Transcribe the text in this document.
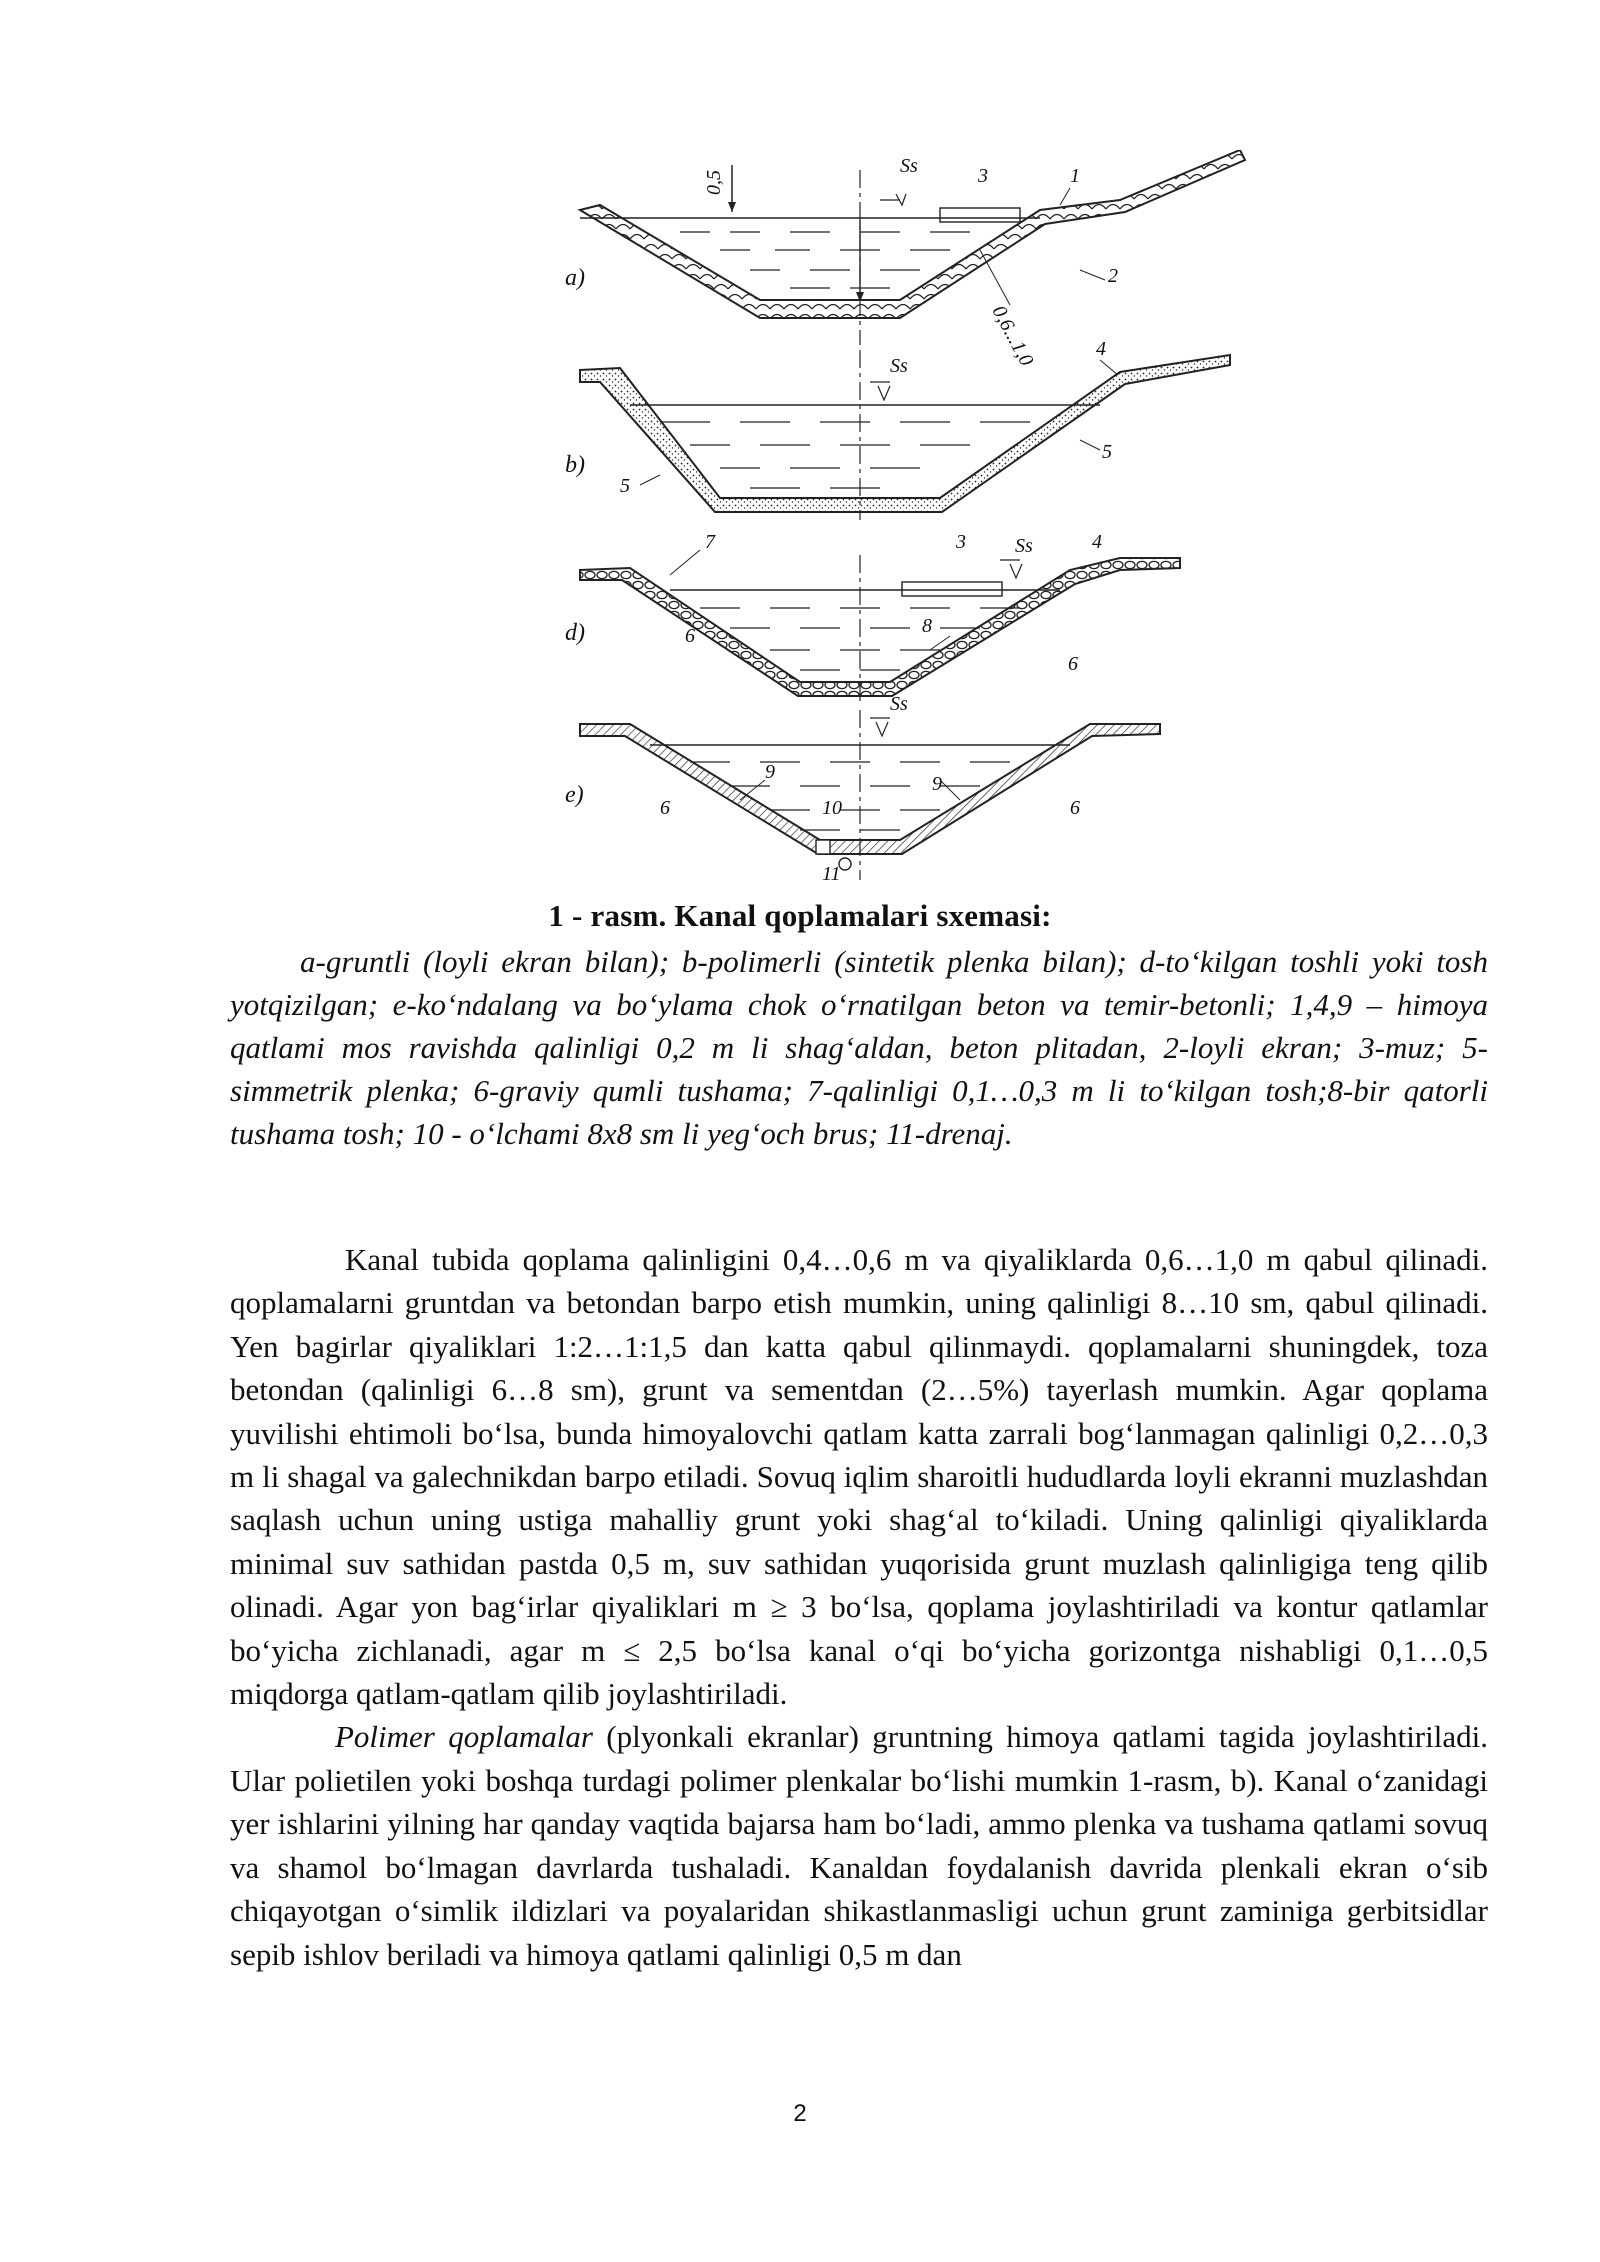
0,5
Ss	3	1
2
0,6...1,0
a)
Ss
4
5
5
b)
7	3 Ss	4
8
6
6
d)
Ss
9
9
6	10	6
11
e)
1 - rasm. Kanal qoplamalari sxemasi:
a-gruntli (loyli ekran bilan); b-polimerli (sintetik plenka bilan); d-to‘kilgan toshli yoki tosh yotqizilgan; e-ko‘ndalang va bo‘ylama chok o‘rnatilgan beton va temir-betonli; 1,4,9 – himoya qatlami mos ravishda qalinligi 0,2 m li shag‘aldan, beton plitadan, 2-loyli ekran; 3-muz; 5-simmetrik plenka; 6-graviy qumli tushama; 7-qalinligi 0,1…0,3 m li to‘kilgan tosh;8-bir qatorli tushama tosh; 10 - o‘lchami 8x8 sm li yeg‘och brus; 11-drenaj.

Kanal tubida qoplama qalinligini 0,4…0,6 m va qiyaliklarda 0,6…1,0 m qabul qilinadi. qoplamalarni gruntdan va betondan barpo etish mumkin, uning qalinligi 8…10 sm, qabul qilinadi. Yen bagirlar qiyaliklari 1:2…1:1,5 dan katta qabul qilinmaydi. qoplamalarni shuningdek, toza betondan (qalinligi 6…8 sm), grunt va sementdan (2…5%) tayerlash mumkin. Agar qoplama yuvilishi ehtimoli bo‘lsa, bunda himoyalovchi qatlam katta zarrali bog‘lanmagan qalinligi 0,2…0,3 m li shagal va galechnikdan barpo etiladi. Sovuq iqlim sharoitli hududlarda loyli ekranni muzlashdan saqlash uchun uning ustiga mahalliy grunt yoki shag‘al to‘kiladi. Uning qalinligi qiyaliklarda minimal suv sathidan pastda 0,5 m, suv sathidan yuqorisida grunt muzlash qalinligiga teng qilib olinadi. Agar yon bag‘irlar qiyaliklari m ≥ 3 bo‘lsa, qoplama joylashtiriladi va kontur qatlamlar bo‘yicha zichlanadi, agar m ≤ 2,5 bo‘lsa kanal o‘qi bo‘yicha gorizontga nishabligi 0,1…0,5 miqdorga qatlam-qatlam qilib joylashtiriladi.

Polimer qoplamalar (plyonkali ekranlar) gruntning himoya qatlami tagida joylashtiriladi. Ular polietilen yoki boshqa turdagi polimer plenkalar bo‘lishi mumkin 1-rasm, b). Kanal o‘zanidagi yer ishlarini yilning har qanday vaqtida bajarsa ham bo‘ladi, ammo plenka va tushama qatlami sovuq va shamol bo‘lmagan davrlarda tushaladi. Kanaldan foydalanish davrida plenkali ekran o‘sib chiqayotgan o‘simlik ildizlari va poyalaridan shikastlanmasligi uchun grunt zaminiga gerbitsidlar sepib ishlov beriladi va himoya qatlami qalinligi 0,5 m dan

2
